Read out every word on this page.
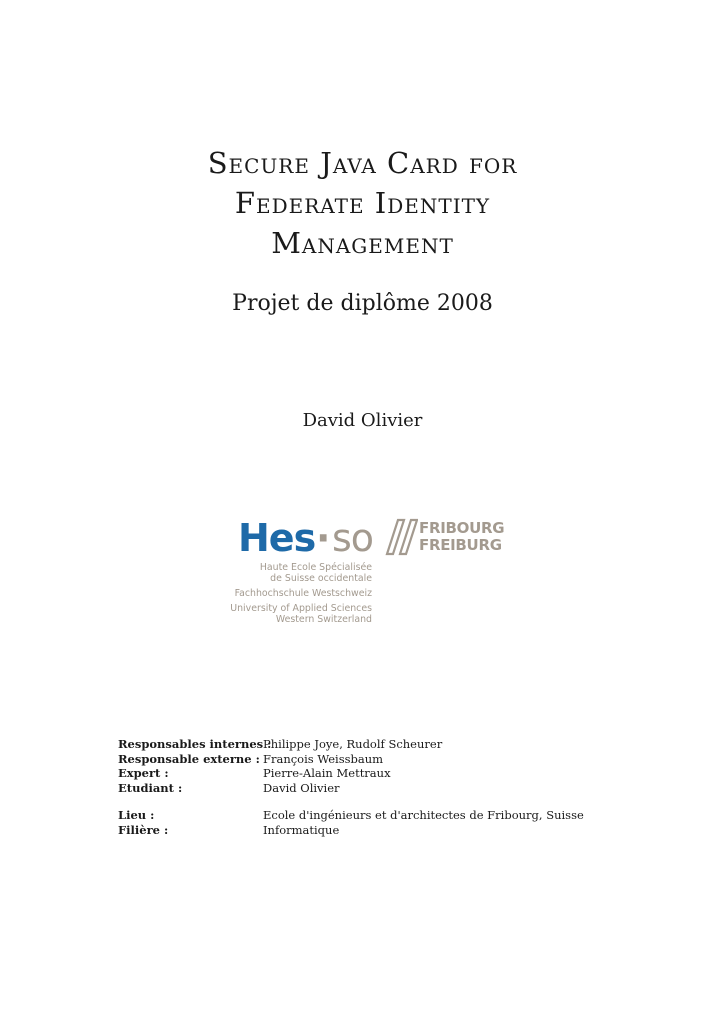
Secure Java Card for
Federate Identity
Management
Projet de diplôme 2008
David Olivier
Hes · so	FRIBOURG
FREIBURG
Haute Ecole Spécialisée
de Suisse occidentale
Fachhochschule Westschweiz
University of Applied Sciences
Western Switzerland
Responsables internes :
Philippe Joye, Rudolf Scheurer
Responsable externe : François Weissbaum
Expert :	Pierre-Alain Mettraux
Etudiant :	David Olivier
Lieu :	Ecole d'ingénieurs et d'architectes de Fribourg, Suisse
Filière :	Informatique
